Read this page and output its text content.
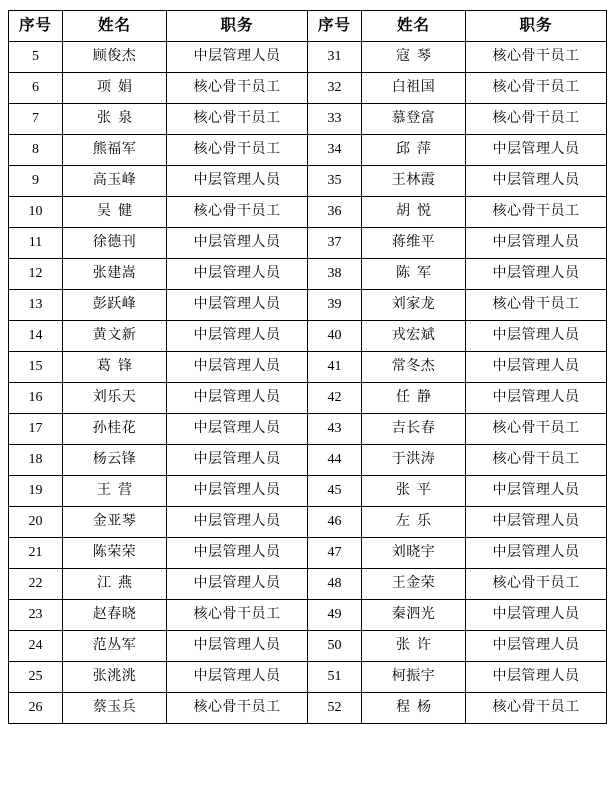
序号	姓名	职务	序号	姓名	职务
5	顾俊杰	中层管理人员	31	寇琴	核心骨干员工
6	项娟	核心骨干员工	32	白祖国	核心骨干员工
7	张泉	核心骨干员工	33	慕登富	核心骨干员工
8	熊福军	核心骨干员工	34	邱萍	中层管理人员
9	高玉峰	中层管理人员	35	王林霞	中层管理人员
10	吴健	核心骨干员工	36	胡悦	核心骨干员工
11	徐德刊	中层管理人员	37	蒋维平	中层管理人员
12	张建嵩	中层管理人员	38	陈军	中层管理人员
13	彭跃峰	中层管理人员	39	刘家龙	核心骨干员工
14	黄文新	中层管理人员	40	戎宏斌	中层管理人员
15	葛锋	中层管理人员	41	常冬杰	中层管理人员
16	刘乐天	中层管理人员	42	任静	中层管理人员
17	孙桂花	中层管理人员	43	吉长春	核心骨干员工
18	杨云锋	中层管理人员	44	于洪涛	核心骨干员工
19	王营	中层管理人员	45	张平	中层管理人员
20	金亚琴	中层管理人员	46	左乐	中层管理人员
21	陈荣荣	中层管理人员	47	刘晓宇	中层管理人员
22	江燕	中层管理人员	48	王金荣	核心骨干员工
23	赵春晓	核心骨干员工	49	秦泗光	中层管理人员
24	范丛军	中层管理人员	50	张许	中层管理人员
25	张洮洮	中层管理人员	51	柯振宇	中层管理人员
26	蔡玉兵	核心骨干员工	52	程杨	核心骨干员工
